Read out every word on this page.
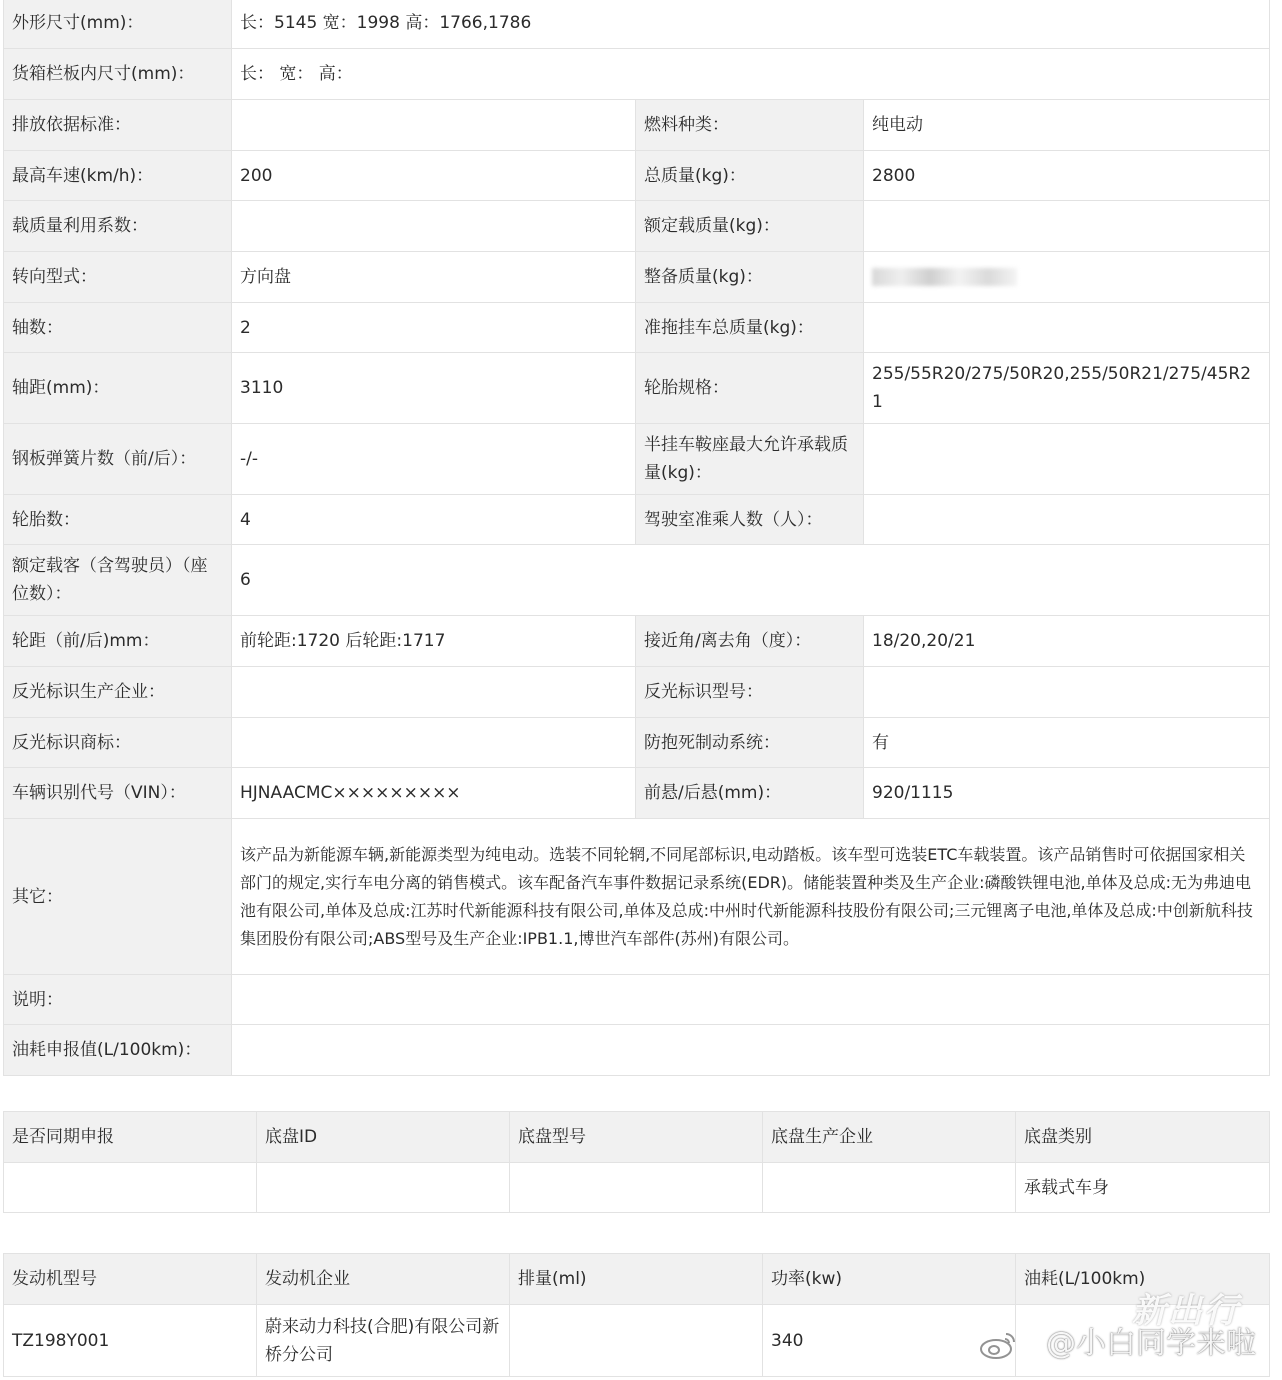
外形尺寸(mm)：	长：5145 宽：1998 高：1766,1786		
货箱栏板内尺寸(mm)：	长： 宽： 高：		
排放依据标准：		燃料种类：	纯电动
最高车速(km/h)：	200	总质量(kg)：	2800
载质量利用系数：		额定载质量(kg)：	
转向型式：	方向盘	整备质量(kg)：	
轴数：	2	准拖挂车总质量(kg)：	
轴距(mm)：	3110	轮胎规格：	255/55R20/275/50R20,255/50R21/275/45R21
钢板弹簧片数（前/后）：	-/-	半挂车鞍座最大允许承载质量(kg)：	
轮胎数：	4	驾驶室准乘人数（人）：	
额定载客（含驾驶员）（座位数）：	6		
轮距（前/后)mm：	前轮距:1720 后轮距:1717	接近角/离去角（度）：	18/20,20/21
反光标识生产企业：		反光标识型号：	
反光标识商标：		防抱死制动系统：	有
车辆识别代号（VIN）：	HJNAACMC×××××××××	前悬/后悬(mm)：	920/1115
其它：	该产品为新能源车辆,新能源类型为纯电动。选装不同轮辋,不同尾部标识,电动踏板。该车型可选装ETC车载装置。该产品销售时可依据国家相关部门的规定,实行车电分离的销售模式。该车配备汽车事件数据记录系统(EDR)。储能装置种类及生产企业:磷酸铁锂电池,单体及总成:无为弗迪电池有限公司,单体及总成:江苏时代新能源科技有限公司,单体及总成:中州时代新能源科技股份有限公司;三元锂离子电池,单体及总成:中创新航科技集团股份有限公司;ABS型号及生产企业:IPB1.1,博世汽车部件(苏州)有限公司。		
说明：			
油耗申报值(L/100km)：			
是否同期申报	底盘ID	底盘型号	底盘生产企业	底盘类别
				承载式车身
发动机型号	发动机企业	排量(ml)	功率(kw)	油耗(L/100km)
TZ198Y001	蔚来动力科技(合肥)有限公司新桥分公司		340	
新出行
@小白同学来啦
